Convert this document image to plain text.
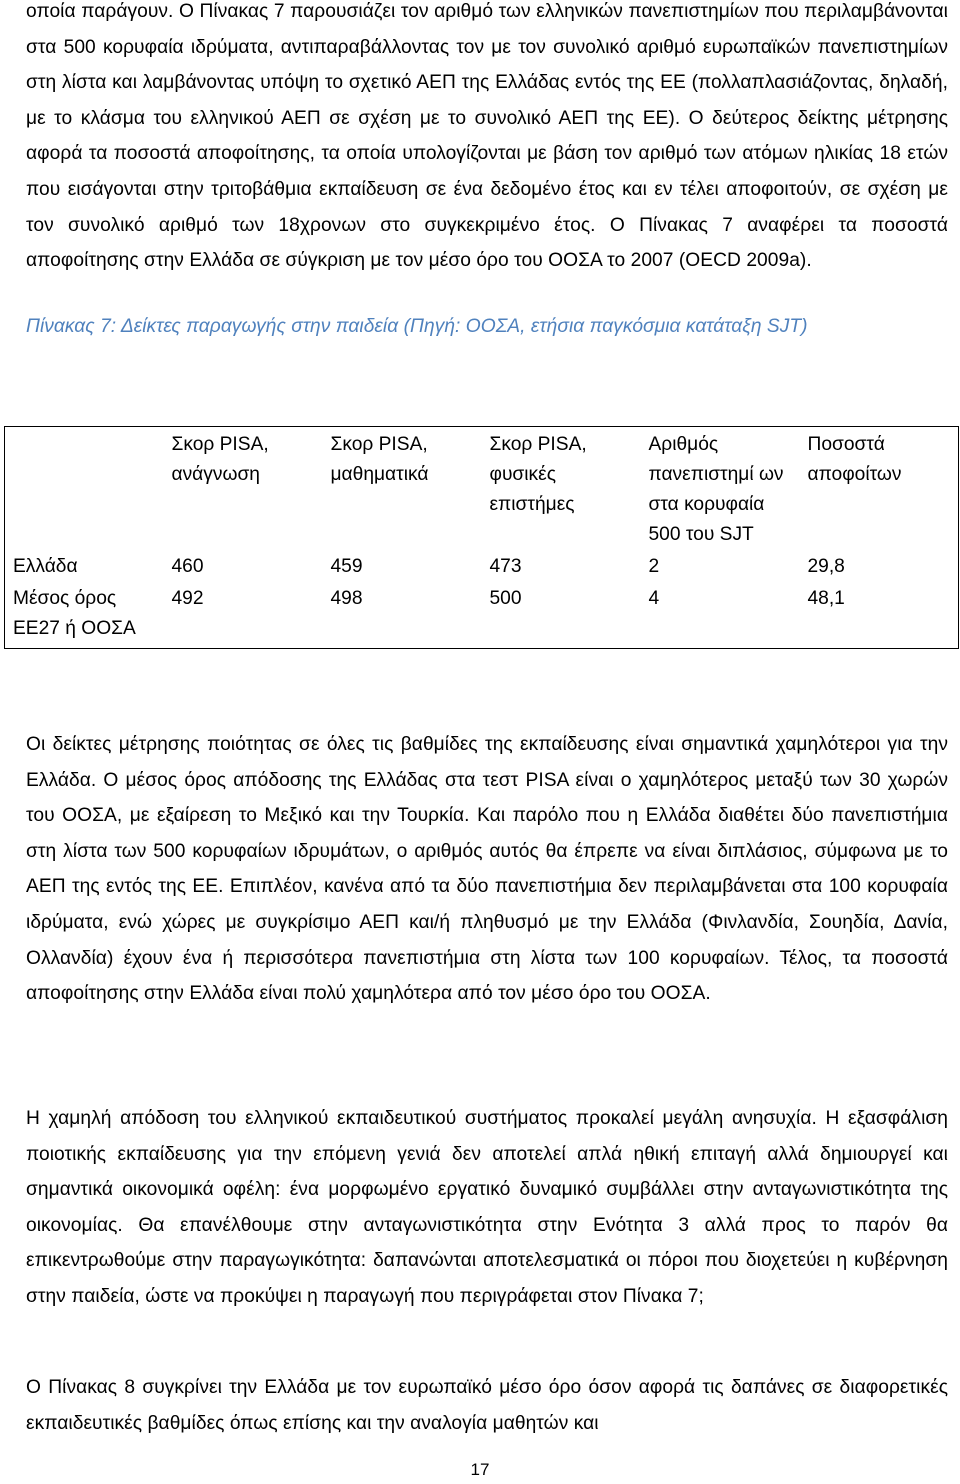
οποία παράγουν. Ο Πίνακας 7 παρουσιάζει τον αριθμό των ελληνικών πανεπιστημίων που περιλαμβάνονται στα 500 κορυφαία ιδρύματα, αντιπαραβάλλοντας τον με τον συνολικό αριθμό ευρωπαϊκών πανεπιστημίων στη λίστα και λαμβάνοντας υπόψη το σχετικό ΑΕΠ της Ελλάδας εντός της ΕΕ (πολλαπλασιάζοντας, δηλαδή, με το κλάσμα του ελληνικού ΑΕΠ σε σχέση με το συνολικό ΑΕΠ της ΕΕ). Ο δεύτερος δείκτης μέτρησης αφορά τα ποσοστά αποφοίτησης, τα οποία υπολογίζονται με βάση τον αριθμό των ατόμων ηλικίας 18 ετών που εισάγονται στην τριτοβάθμια εκπαίδευση σε ένα δεδομένο έτος και εν τέλει αποφοιτούν, σε σχέση με τον συνολικό αριθμό των 18χρονων στο συγκεκριμένο έτος. Ο Πίνακας 7 αναφέρει τα ποσοστά αποφοίτησης στην Ελλάδα σε σύγκριση με τον μέσο όρο του ΟΟΣΑ το 2007 (OECD 2009a).

Πίνακας 7: Δείκτες παραγωγής στην παιδεία (Πηγή: ΟΟΣΑ, ετήσια παγκόσμια κατάταξη SJT)

	Σκορ PISA, ανάγνωση	Σκορ PISA, μαθηματικά	Σκορ PISA, φυσικές επιστήμες	Αριθμός πανεπιστημί ων στα κορυφαία 500 του SJT	Ποσοστά αποφοίτων
Ελλάδα	460	459	473	2	29,8
Μέσος όρος ΕΕ27 ή ΟΟΣΑ	492	498	500	4	48,1

Οι δείκτες μέτρησης ποιότητας σε όλες τις βαθμίδες της εκπαίδευσης είναι σημαντικά χαμηλότεροι για την Ελλάδα. Ο μέσος όρος απόδοσης της Ελλάδας στα τεστ PISA είναι ο χαμηλότερος μεταξύ των 30 χωρών του ΟΟΣΑ, με εξαίρεση το Μεξικό και την Τουρκία. Και παρόλο που η Ελλάδα διαθέτει δύο πανεπιστήμια στη λίστα των 500 κορυφαίων ιδρυμάτων, ο αριθμός αυτός θα έπρεπε να είναι διπλάσιος, σύμφωνα με το ΑΕΠ της εντός της ΕΕ. Επιπλέον, κανένα από τα δύο πανεπιστήμια δεν περιλαμβάνεται στα 100 κορυφαία ιδρύματα, ενώ χώρες με συγκρίσιμο ΑΕΠ και/ή πληθυσμό με την Ελλάδα (Φινλανδία, Σουηδία, Δανία, Ολλανδία) έχουν ένα ή περισσότερα πανεπιστήμια στη λίστα των 100 κορυφαίων. Τέλος, τα ποσοστά αποφοίτησης στην Ελλάδα είναι πολύ χαμηλότερα από τον μέσο όρο του ΟΟΣΑ.

Η χαμηλή απόδοση του ελληνικού εκπαιδευτικού συστήματος προκαλεί μεγάλη ανησυχία. Η εξασφάλιση ποιοτικής εκπαίδευσης για την επόμενη γενιά δεν αποτελεί απλά ηθική επιταγή αλλά δημιουργεί και σημαντικά οικονομικά οφέλη: ένα μορφωμένο εργατικό δυναμικό συμβάλλει στην ανταγωνιστικότητα της οικονομίας. Θα επανέλθουμε στην ανταγωνιστικότητα στην Ενότητα 3 αλλά προς το παρόν θα επικεντρωθούμε στην παραγωγικότητα: δαπανώνται αποτελεσματικά οι πόροι που διοχετεύει η κυβέρνηση στην παιδεία, ώστε να προκύψει η παραγωγή που περιγράφεται στον Πίνακα 7;

Ο Πίνακας 8 συγκρίνει την Ελλάδα με τον ευρωπαϊκό μέσο όρο όσον αφορά τις δαπάνες σε διαφορετικές εκπαιδευτικές βαθμίδες όπως επίσης και την αναλογία μαθητών και

17
